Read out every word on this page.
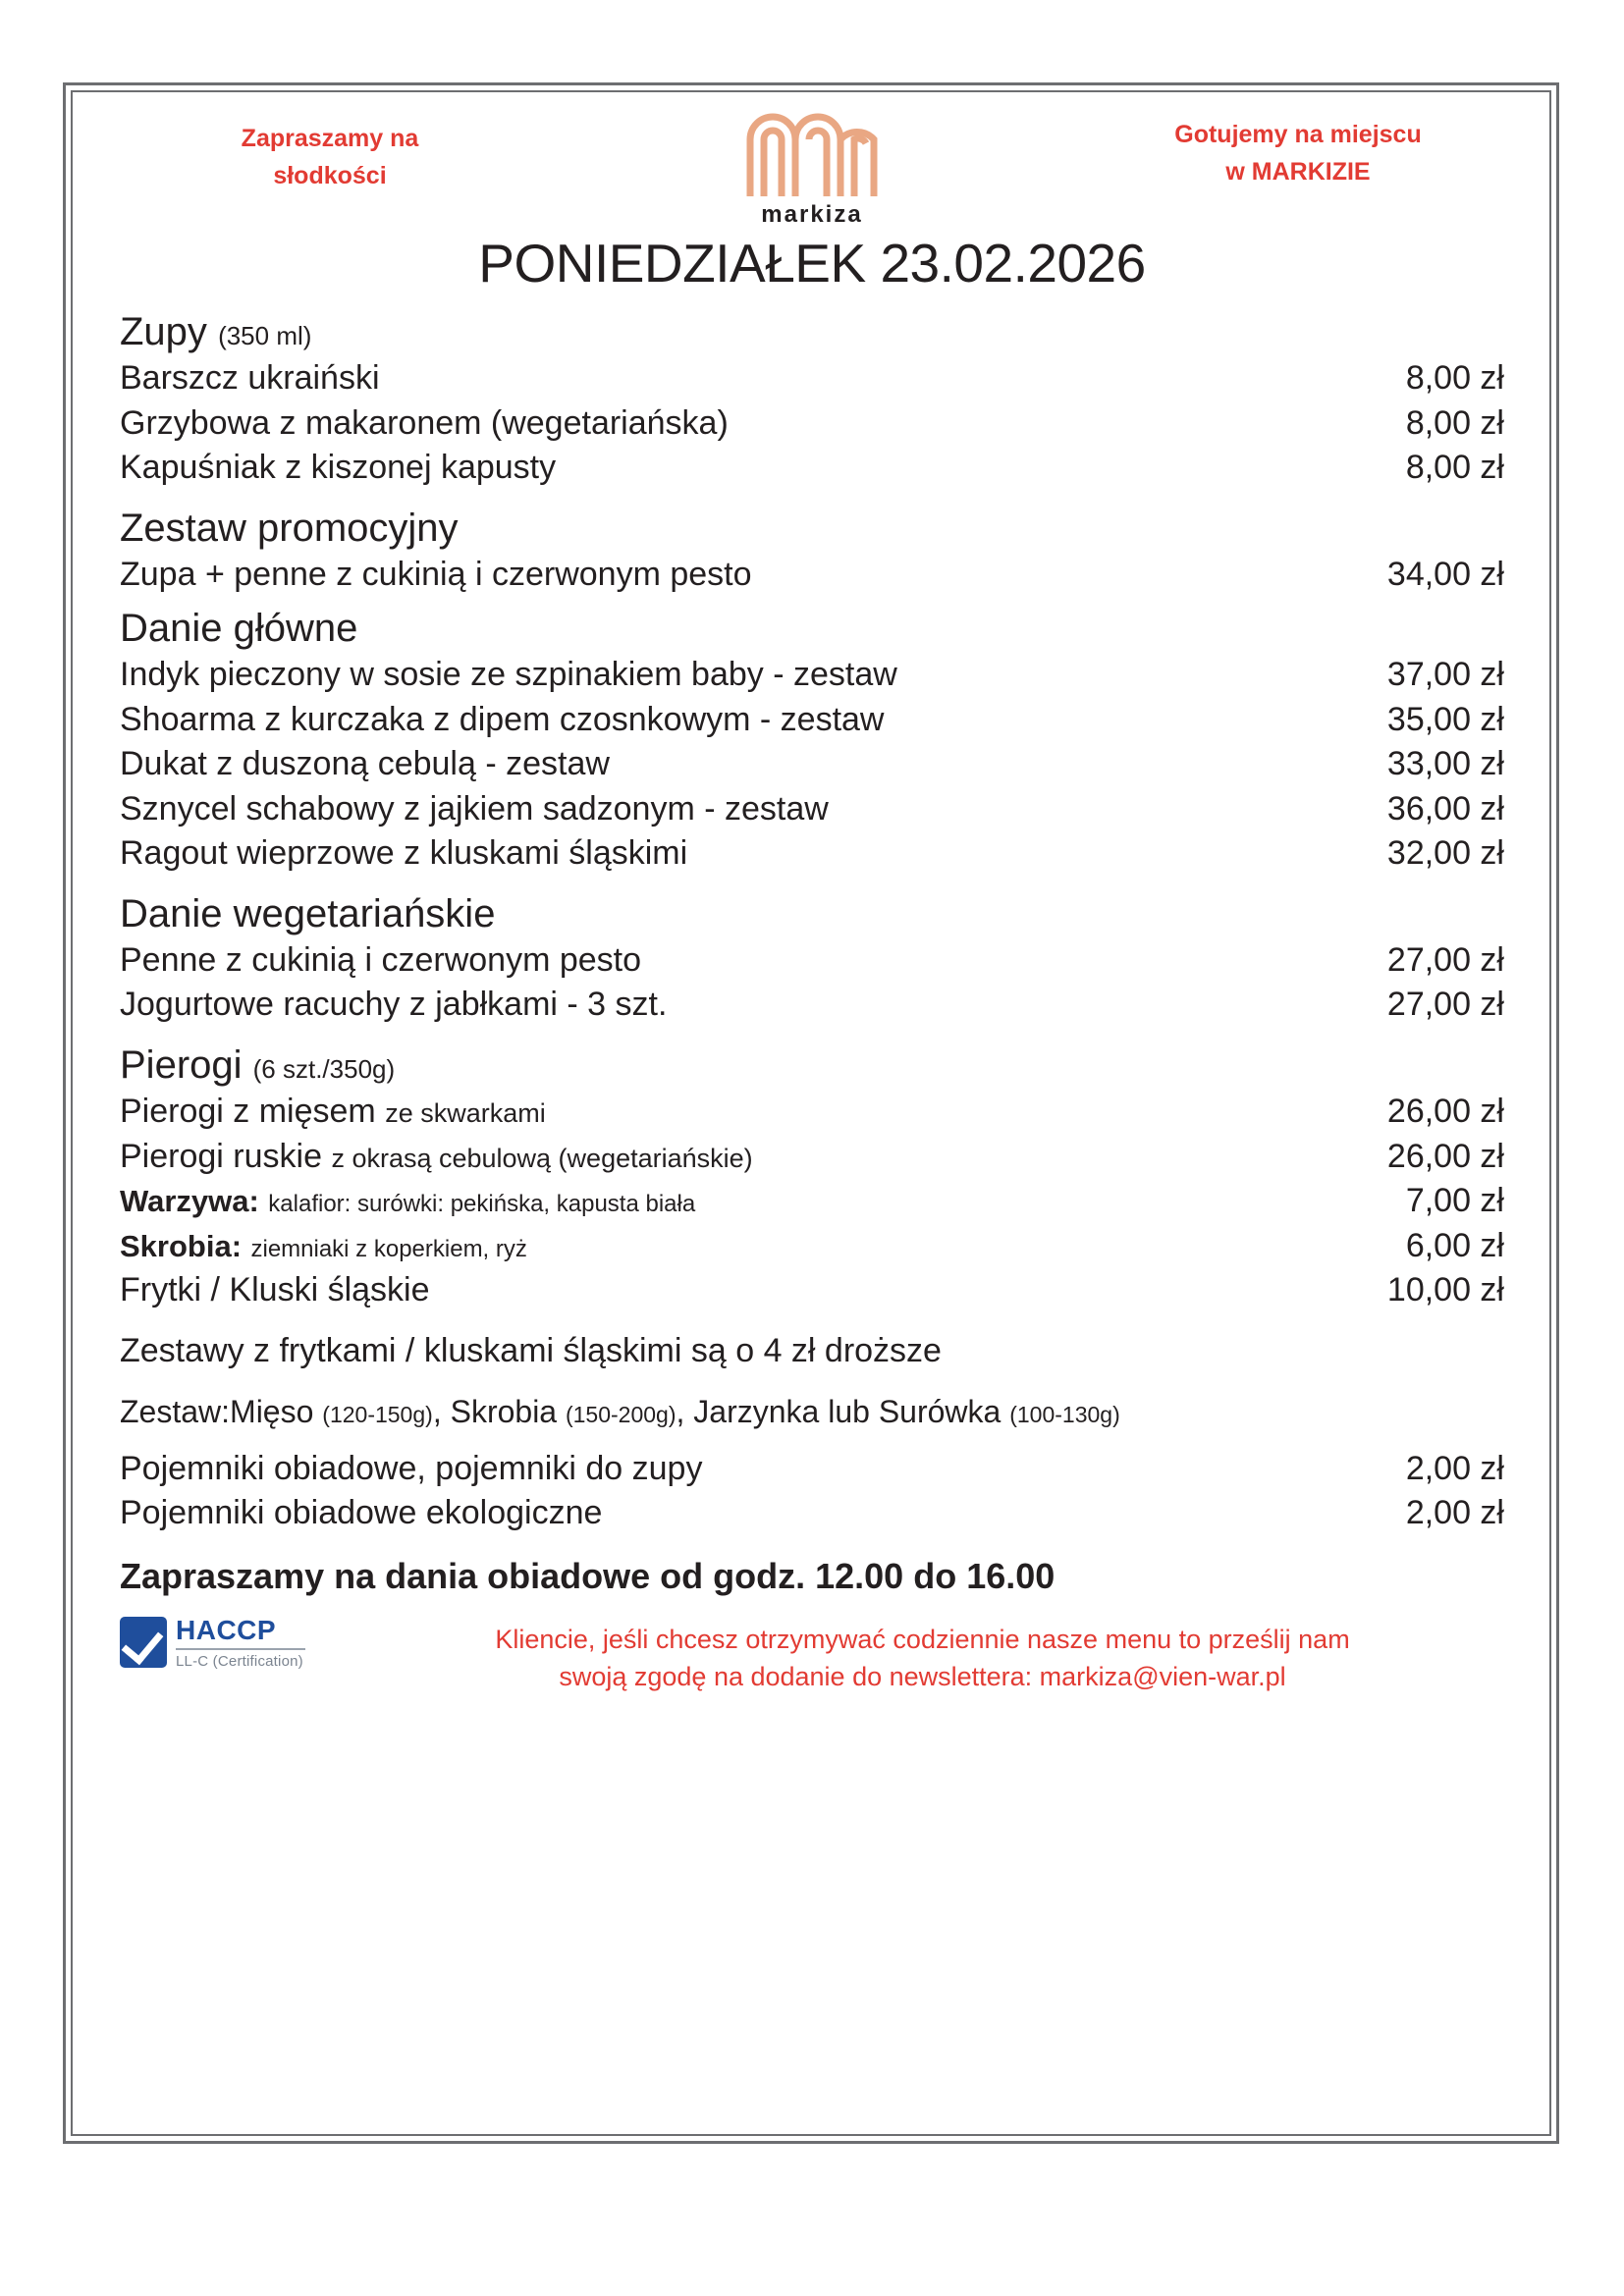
Zapraszamy na
słodkości
markiza
Gotujemy na miejscu
w MARKIZIE
PONIEDZIAŁEK 23.02.2026
Zupy (350 ml)
Barszcz ukraiński	8,00 zł
Grzybowa z makaronem (wegetariańska)	8,00 zł
Kapuśniak z kiszonej kapusty	8,00 zł
Zestaw promocyjny
Zupa + penne z cukinią i czerwonym pesto	34,00 zł
Danie główne
Indyk pieczony w sosie ze szpinakiem baby - zestaw	37,00 zł
Shoarma z kurczaka z dipem czosnkowym - zestaw	35,00 zł
Dukat z duszoną cebulą - zestaw	33,00 zł
Sznycel schabowy z jajkiem sadzonym - zestaw	36,00 zł
Ragout wieprzowe z kluskami śląskimi	32,00 zł
Danie wegetariańskie
Penne z cukinią i czerwonym pesto	27,00 zł
Jogurtowe racuchy z jabłkami - 3 szt.	27,00 zł
Pierogi (6 szt./350g)
Pierogi z mięsem ze skwarkami	26,00 zł
Pierogi ruskie z okrasą cebulową (wegetariańskie)	26,00 zł
Warzywa: kalafior: surówki: pekińska, kapusta biała	7,00 zł
Skrobia: ziemniaki z koperkiem, ryż	6,00 zł
Frytki / Kluski śląskie	10,00 zł
Zestawy z frytkami / kluskami śląskimi są o 4 zł droższe
Zestaw:Mięso (120-150g), Skrobia (150-200g), Jarzynka lub Surówka (100-130g)
Pojemniki obiadowe, pojemniki do zupy	2,00 zł
Pojemniki obiadowe ekologiczne	2,00 zł
Zapraszamy na dania obiadowe od godz. 12.00 do 16.00
HACCP
LL-C (Certification)
Kliencie, jeśli chcesz otrzymywać codziennie nasze menu to prześlij nam
swoją zgodę na dodanie do newslettera: markiza@vien-war.pl
